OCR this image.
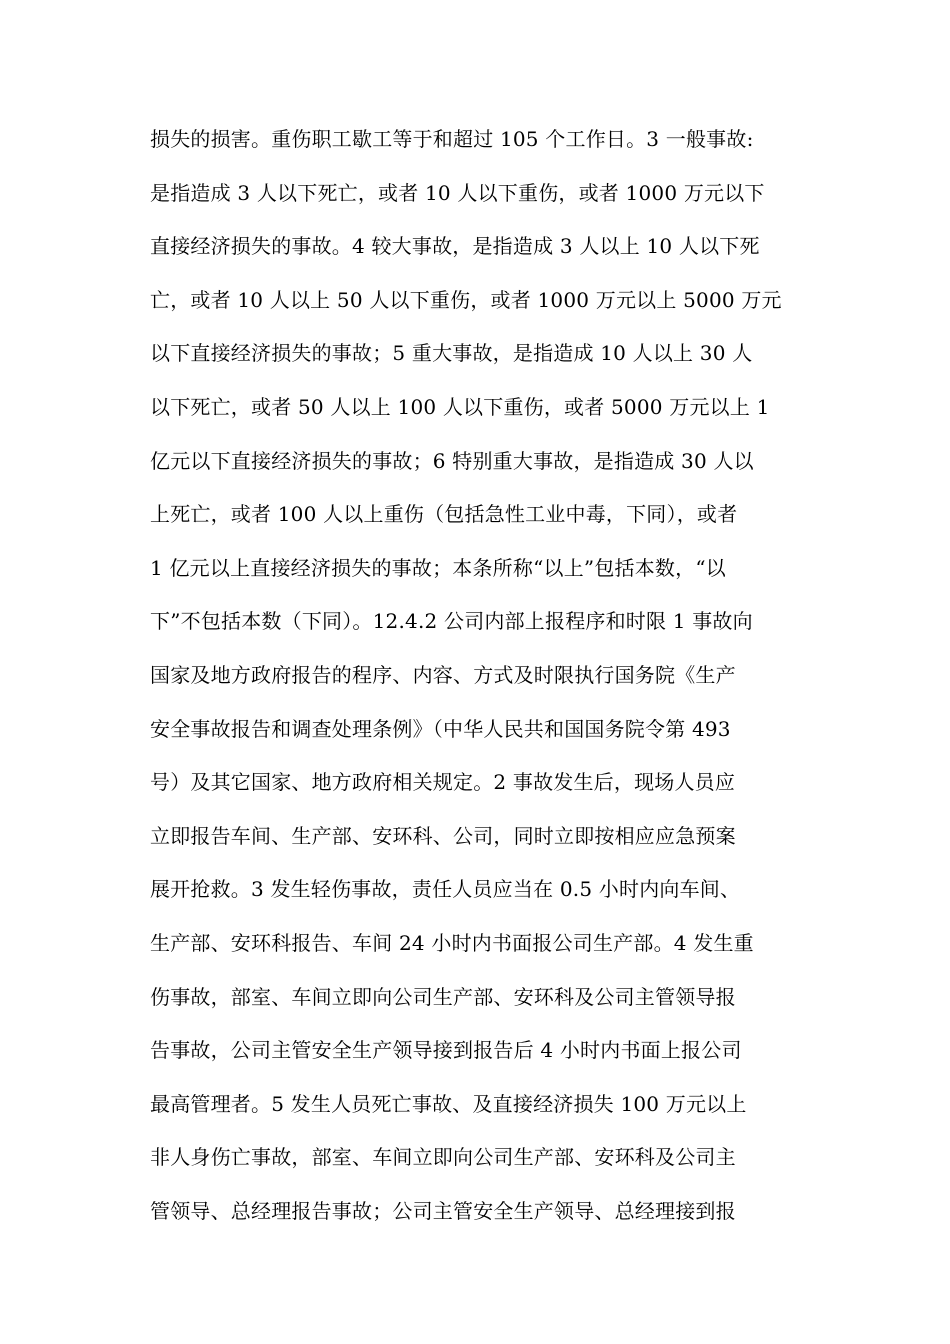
损失的损害。重伤职工歇工等于和超过 105 个工作日。3 一般事故:
是指造成 3 人以下死亡，或者 10 人以下重伤，或者 1000 万元以下
直接经济损失的事故。4 较大事故，是指造成 3 人以上 10 人以下死
亡，或者 10 人以上 50 人以下重伤，或者 1000 万元以上 5000 万元
以下直接经济损失的事故；5 重大事故，是指造成 10 人以上 30 人
以下死亡，或者 50 人以上 100 人以下重伤，或者 5000 万元以上 1
亿元以下直接经济损失的事故；6 特别重大事故，是指造成 30 人以
上死亡，或者 100 人以上重伤（包括急性工业中毒，下同），或者
1 亿元以上直接经济损失的事故；本条所称“以上”包括本数，“以
下”不包括本数（下同）。12.4.2 公司内部上报程序和时限 1 事故向
国家及地方政府报告的程序、内容、方式及时限执行国务院《生产
安全事故报告和调查处理条例》（中华人民共和国国务院令第 493
号）及其它国家、地方政府相关规定。2 事故发生后，现场人员应
立即报告车间、生产部、安环科、公司，同时立即按相应应急预案
展开抢救。3 发生轻伤事故，责任人员应当在 0.5 小时内向车间、
生产部、安环科报告、车间 24 小时内书面报公司生产部。4 发生重
伤事故，部室、车间立即向公司生产部、安环科及公司主管领导报
告事故，公司主管安全生产领导接到报告后 4 小时内书面上报公司
最高管理者。5 发生人员死亡事故、及直接经济损失 100 万元以上
非人身伤亡事故，部室、车间立即向公司生产部、安环科及公司主
管领导、总经理报告事故；公司主管安全生产领导、总经理接到报
